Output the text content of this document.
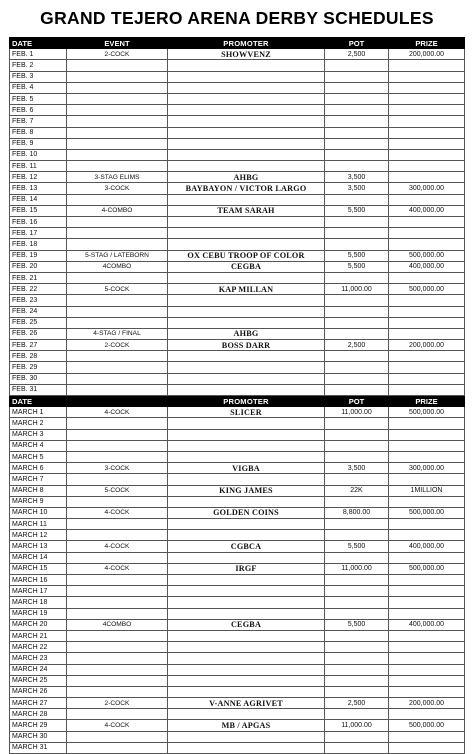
GRAND TEJERO ARENA DERBY SCHEDULES
DATE	EVENT	PROMOTER	POT	PRIZE
FEB. 1	2-COCK	SHOWVENZ	2,500	200,000.00
FEB. 2				
FEB. 3				
FEB. 4				
FEB. 5				
FEB. 6				
FEB. 7				
FEB. 8				
FEB. 9				
FEB. 10				
FEB. 11				
FEB. 12	3-STAG ELIMS	AHBG	3,500	
FEB. 13	3-COCK	BAYBAYON / VICTOR LARGO	3,500	300,000.00
FEB. 14				
FEB. 15	4-COMBO	TEAM SARAH	5,500	400,000.00
FEB. 16				
FEB. 17				
FEB. 18				
FEB. 19	5-STAG / LATEBORN	OX CEBU TROOP OF COLOR	5,500	500,000.00
FEB. 20	4COMBO	CEGBA	5,500	400,000.00
FEB. 21				
FEB. 22	5-COCK	KAP MILLAN	11,000.00	500,000.00
FEB. 23				
FEB. 24				
FEB. 25				
FEB. 26	4-STAG / FINAL	AHBG		
FEB. 27	2-COCK	BOSS DARR	2,500	200,000.00
FEB. 28				
FEB. 29				
FEB. 30				
FEB. 31				
DATE		PROMOTER	POT	PRIZE
MARCH 1	4-COCK	SLICER	11,000.00	500,000.00
MARCH 2				
MARCH 3				
MARCH 4				
MARCH 5				
MARCH 6	3-COCK	VIGBA	3,500	300,000.00
MARCH 7				
MARCH 8	5-COCK	KING JAMES	22K	1MILLION
MARCH 9				
MARCH 10	4-COCK	GOLDEN COINS	8,800.00	500,000.00
MARCH 11				
MARCH 12				
MARCH 13	4-COCK	CGBCA	5,500	400,000.00
MARCH 14				
MARCH 15	4-COCK	IRGF	11,000.00	500,000.00
MARCH 16				
MARCH 17				
MARCH 18				
MARCH 19				
MARCH 20	4COMBO	CEGBA	5,500	400,000.00
MARCH 21				
MARCH 22				
MARCH 23				
MARCH 24				
MARCH 25				
MARCH 26				
MARCH 27	2-COCK	V-ANNE AGRIVET	2,500	200,000.00
MARCH 28				
MARCH 29	4-COCK	MB / APGAS	11,000.00	500,000.00
MARCH 30				
MARCH 31				
